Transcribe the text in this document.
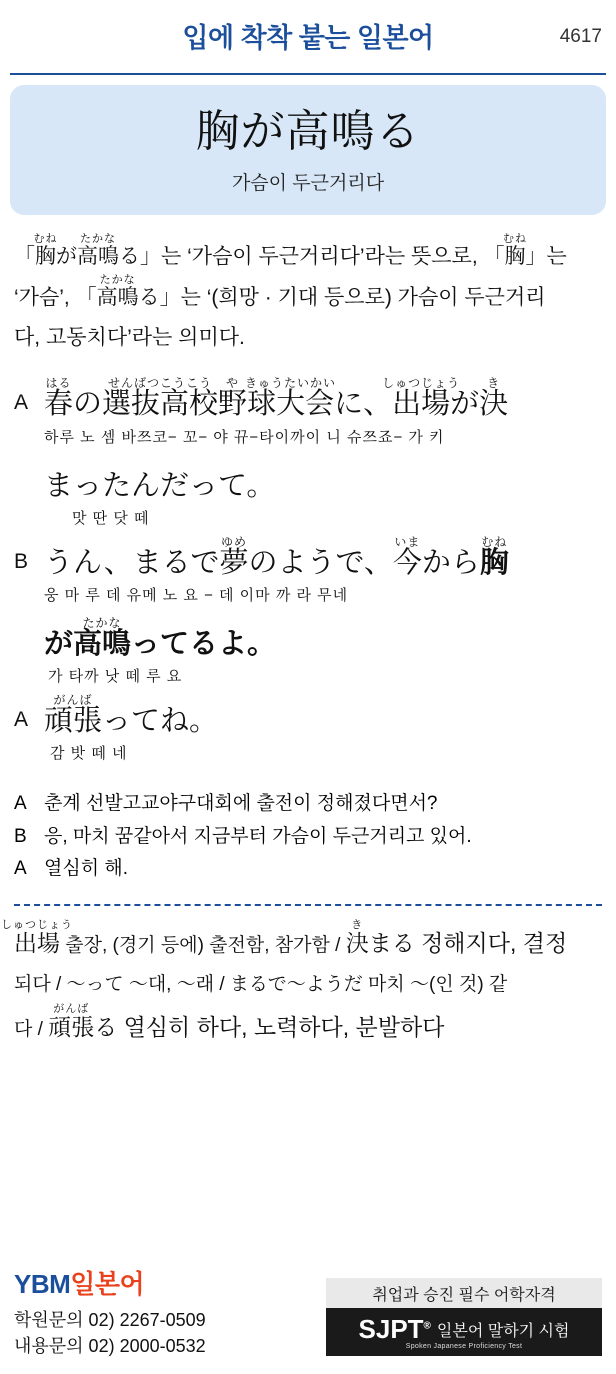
입에 착착 붙는 일본어	4617
胸が高鳴る
가슴이 두근거리다
「
むね
胸 が
たかな
高鳴 る」는 ‘가슴이 두근거리다’라는 뜻으로, 「
むね
胸 」는
‘가슴’, 「
たかな
高鳴 る」는 ‘(희망 · 기대 등으로) 가슴이 두근거리
다, 고동치다’라는 의미다.
A
はる
春 の
せんばつこうこう
選抜高校
や
野
きゅうたいかい
球大会 に、
しゅつじょう
出場 が
き
決
하루 노 셈 바쯔코− 꼬− 야 뀨−타이까이 니 슈쯔죠− 가 키
まったんだって。
맛 딴 닷 떼
B うん、まるで
ゆめ
夢 のようで、
いま
今 から
むね
胸
웅 마 루 데 유메 노 요 − 데 이마 까 라 무네
が
たかな
高鳴 ってるよ。
가 타까 낫 떼 루 요
A
がんば
頑張 ってね。
감 밧 떼 네
A 춘계 선발고교야구대회에 출전이 정해졌다면서?
B 응, 마치 꿈같아서 지금부터 가슴이 두근거리고 있어.
A 열심히 해.
しゅつじょう
出場 출장, (경기 등에) 출전함, 참가함 /
き
決 まる 정해지다, 결정
되다 / 〜って 〜대, 〜래 / まるで〜ようだ 마치 〜(인 것) 같
다 /
がんば
頑張 る 열심히 하다, 노력하다, 분발하다
YBM일본어
학원문의 02) 2267-0509
내용문의 02) 2000-0532
취업과 승진 필수 어학자격
SJPT® 일본어 말하기 시험
Spoken Japanese Proficiency Test
